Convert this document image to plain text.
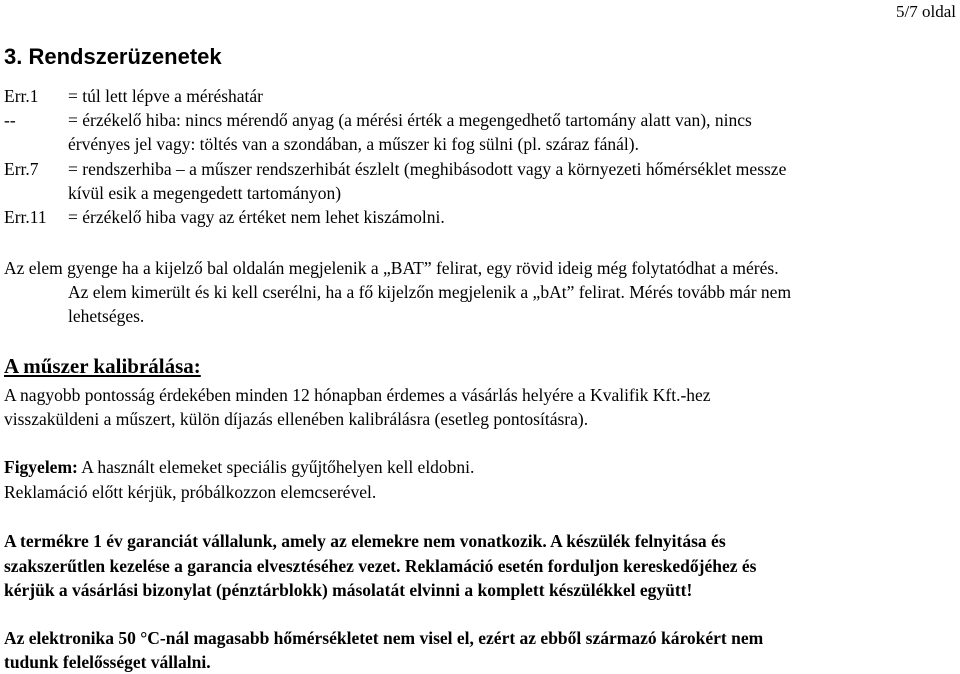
5/7 oldal
3. Rendszerüzenetek
Err.1 = túl lett lépve a méréshatár
--	= érzékelő hiba: nincs mérendő anyag (a mérési érték a megengedhető tartomány alatt van), nincs
érvényes jel vagy: töltés van a szondában, a műszer ki fog sülni (pl. száraz fánál).
Err.7 = rendszerhiba – a műszer rendszerhibát észlelt (meghibásodott vagy a környezeti hőmérséklet messze
kívül esik a megengedett tartományon)
Err.11 = érzékelő hiba vagy az értéket nem lehet kiszámolni.
Az elem gyenge ha a kijelző bal oldalán megjelenik a „BAT” felirat, egy rövid ideig még folytatódhat a mérés.
Az elem kimerült és ki kell cserélni, ha a fő kijelzőn megjelenik a „bAt” felirat. Mérés tovább már nem
lehetséges.
A műszer kalibrálása:
A nagyobb pontosság érdekében minden 12 hónapban érdemes a vásárlás helyére a Kvalifik Kft.-hez
visszaküldeni a műszert, külön díjazás ellenében kalibrálásra (esetleg pontosításra).
Figyelem: A használt elemeket speciális gyűjtőhelyen kell eldobni.
Reklamáció előtt kérjük, próbálkozzon elemcserével.
A termékre 1 év garanciát vállalunk, amely az elemekre nem vonatkozik. A készülék felnyitása és
szakszerűtlen kezelése a garancia elvesztéséhez vezet. Reklamáció esetén forduljon kereskedőjéhez és
kérjük a vásárlási bizonylat (pénztárblokk) másolatát elvinni a komplett készülékkel együtt!
Az elektronika 50 °C-nál magasabb hőmérsékletet nem visel el, ezért az ebből származó károkért nem
tudunk felelősséget vállalni.
